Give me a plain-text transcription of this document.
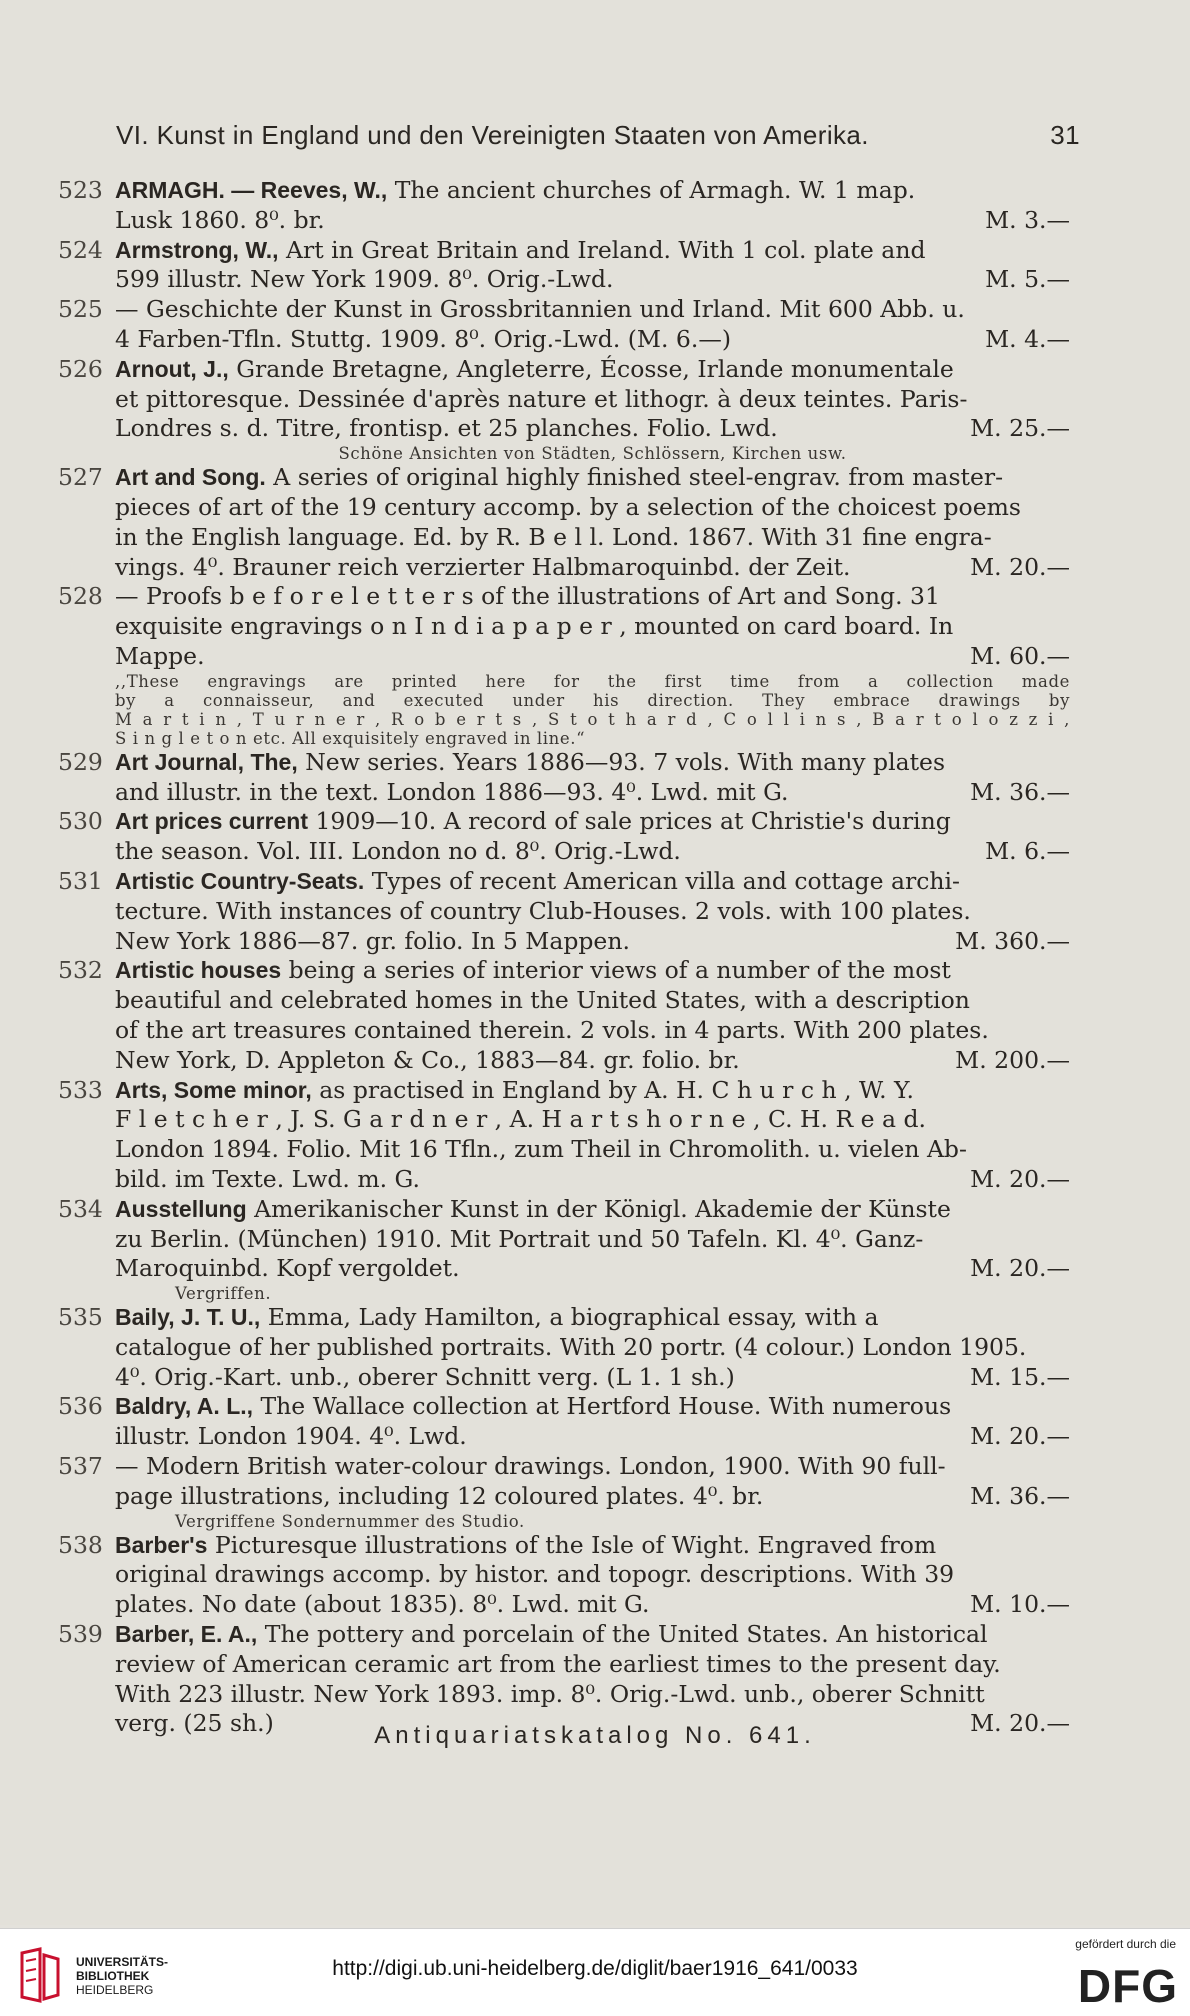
VI. Kunst in England und den Vereinigten Staaten von Amerika.	31
523 ARMAGH. — Reeves, W., The ancient churches of Armagh. W. 1 map.
Lusk 1860. 8⁰. br.	M. 3.—
524 Armstrong, W., Art in Great Britain and Ireland. With 1 col. plate and
599 illustr. New York 1909. 8⁰. Orig.-Lwd.	M. 5.—
525 — Geschichte der Kunst in Grossbritannien und Irland. Mit 600 Abb. u.
4 Farben-Tfln. Stuttg. 1909. 8⁰. Orig.-Lwd. (M. 6.—)	M. 4.—
526 Arnout, J., Grande Bretagne, Angleterre, Écosse, Irlande monumentale
et pittoresque. Dessinée d'après nature et lithogr. à deux teintes. Paris-
Londres s. d. Titre, frontisp. et 25 planches. Folio. Lwd.	M. 25.—
Schöne Ansichten von Städten, Schlössern, Kirchen usw.
527 Art and Song. A series of original highly finished steel-engrav. from master-
pieces of art of the 19 century accomp. by a selection of the choicest poems
in the English language. Ed. by R. B e l l. Lond. 1867. With 31 fine engra-
vings. 4⁰. Brauner reich verzierter Halbmaroquinbd. der Zeit.	M. 20.—
528 — Proofs b e f o r e l e t t e r s of the illustrations of Art and Song. 31
exquisite engravings o n I n d i a p a p e r , mounted on card board. In
Mappe.	M. 60.—
,,These engravings are printed here for the first time from a collection made
by a connaisseur, and executed under his direction. They embrace drawings by
M a r t i n , T u r n e r , R o b e r t s , S t o t h a r d , C o l l i n s , B a r t o l o z z i ,
S i n g l e t o n etc. All exquisitely engraved in line.“
529 Art Journal, The, New series. Years 1886—93. 7 vols. With many plates
and illustr. in the text. London 1886—93. 4⁰. Lwd. mit G.	M. 36.—
530 Art prices current 1909—10. A record of sale prices at Christie's during
the season. Vol. III. London no d. 8⁰. Orig.-Lwd.	M. 6.—
531 Artistic Country-Seats. Types of recent American villa and cottage archi-
tecture. With instances of country Club-Houses. 2 vols. with 100 plates.
New York 1886—87. gr. folio. In 5 Mappen.	M. 360.—
532 Artistic houses being a series of interior views of a number of the most
beautiful and celebrated homes in the United States, with a description
of the art treasures contained therein. 2 vols. in 4 parts. With 200 plates.
New York, D. Appleton & Co., 1883—84. gr. folio. br.	M. 200.—
533 Arts, Some minor, as practised in England by A. H. C h u r c h , W. Y.
F l e t c h e r , J. S. G a r d n e r , A. H a r t s h o r n e , C. H. R e a d.
London 1894. Folio. Mit 16 Tfln., zum Theil in Chromolith. u. vielen Ab-
bild. im Texte. Lwd. m. G.	M. 20.—
534 Ausstellung Amerikanischer Kunst in der Königl. Akademie der Künste
zu Berlin. (München) 1910. Mit Portrait und 50 Tafeln. Kl. 4⁰. Ganz-
Maroquinbd. Kopf vergoldet.	M. 20.—
Vergriffen.
535 Baily, J. T. U., Emma, Lady Hamilton, a biographical essay, with a
catalogue of her published portraits. With 20 portr. (4 colour.) London 1905.
4⁰. Orig.-Kart. unb., oberer Schnitt verg. (L 1. 1 sh.)	M. 15.—
536 Baldry, A. L., The Wallace collection at Hertford House. With numerous
illustr. London 1904. 4⁰. Lwd.	M. 20.—
537 — Modern British water-colour drawings. London, 1900. With 90 full-
page illustrations, including 12 coloured plates. 4⁰. br.	M. 36.—
Vergriffene Sondernummer des Studio.
538 Barber's Picturesque illustrations of the Isle of Wight. Engraved from
original drawings accomp. by histor. and topogr. descriptions. With 39
plates. No date (about 1835). 8⁰. Lwd. mit G.	M. 10.—
539 Barber, E. A., The pottery and porcelain of the United States. An historical
review of American ceramic art from the earliest times to the present day.
With 223 illustr. New York 1893. imp. 8⁰. Orig.-Lwd. unb., oberer Schnitt
verg. (25 sh.)	M. 20.—
Antiquariatskatalog No. 641.
UNIVERSITÄTS-
BIBLIOTHEK
HEIDELBERG
http://digi.ub.uni-heidelberg.de/diglit/baer1916_641/0033
gefördert durch die
DFG
